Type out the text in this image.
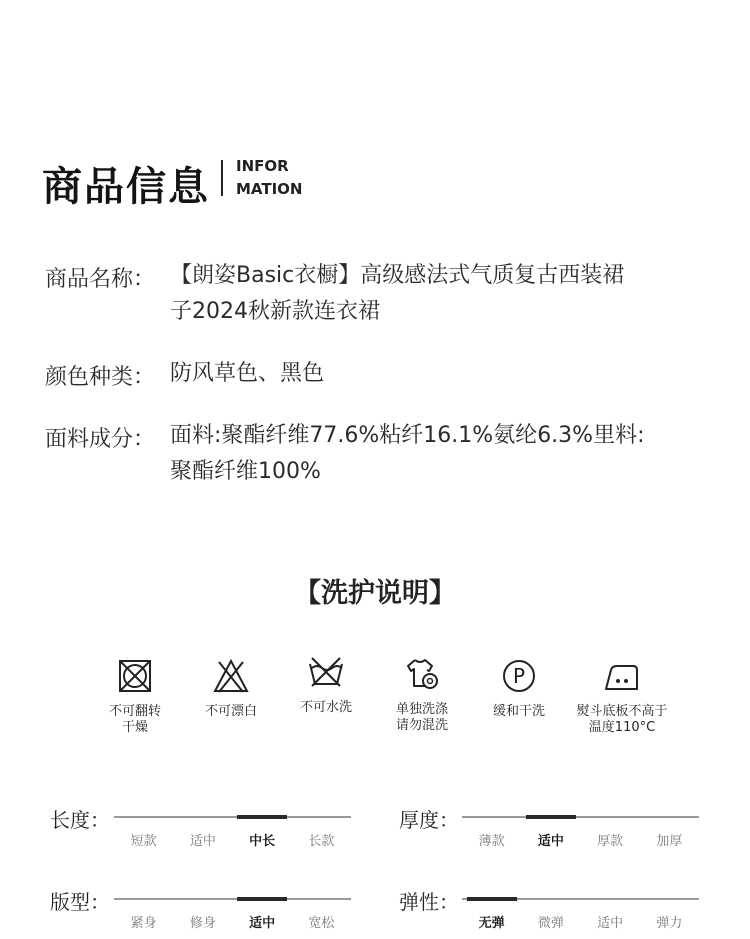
商品信息 INFOR
MATION
商品名称： 【朗姿Basic衣橱】高级感法式气质复古西装裙
子2024秋新款连衣裙
颜色种类： 防风草色、黑色
面料成分： 面料:聚酯纤维77.6%粘纤16.1%氨纶6.3%里料:
聚酯纤维100%
【洗护说明】
不可翻转
干燥
不可漂白	不可水洗	单独洗涤
请勿混洗
P
缓和干洗	熨斗底板不高于
温度110°C
长度：
短款	适中	中长	长款
厚度：
薄款	适中	厚款	加厚
版型：
紧身	修身	适中	宽松
弹性：
无弹	微弹	适中	弹力
